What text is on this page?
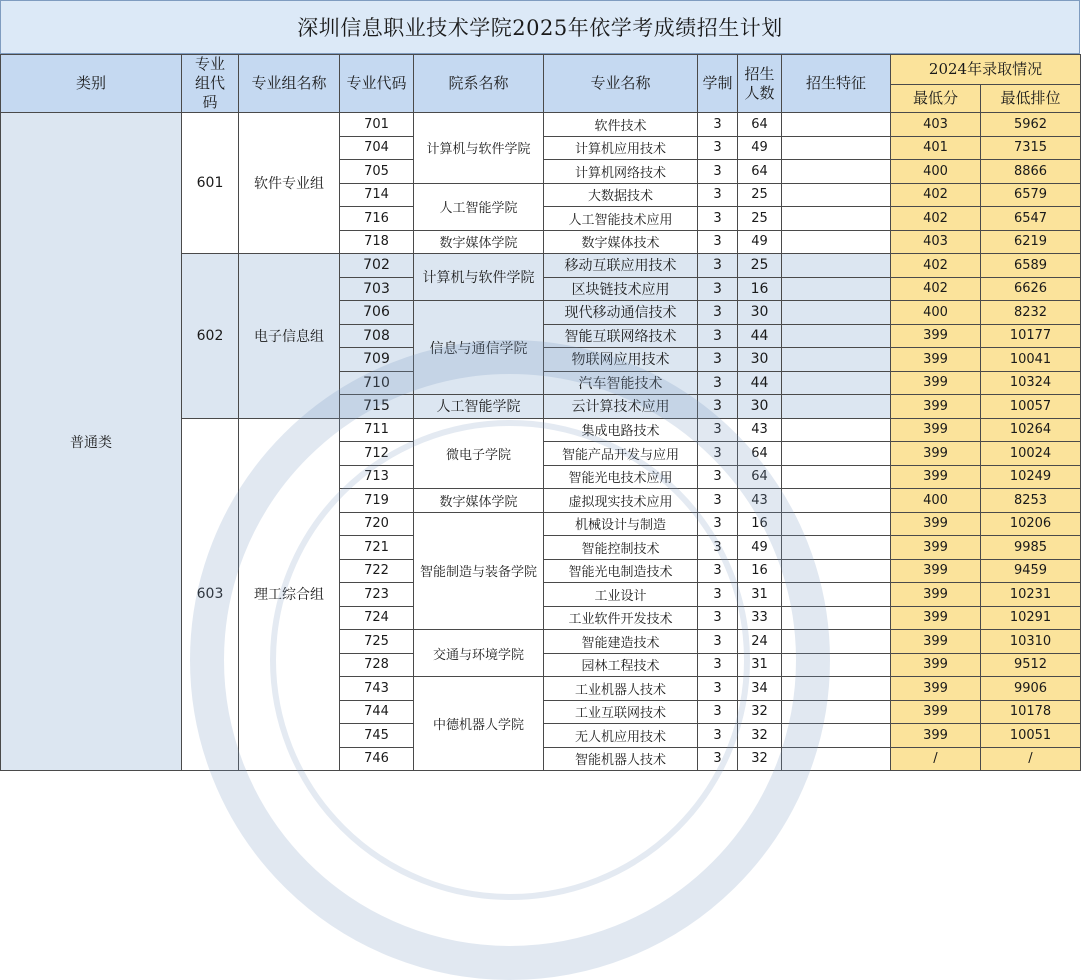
深圳信息职业技术学院2025年依学考成绩招生计划
类别	专业组代码	专业组名称	专业代码	院系名称	专业名称	学制	招生人数	招生特征	2024年录取情况	
									最低分	最低排位
普通类	601	软件专业组	701	计算机与软件学院	软件技术	3	64		403	5962
			704		计算机应用技术	3	49		401	7315
			705		计算机网络技术	3	64		400	8866
			714	人工智能学院	大数据技术	3	25		402	6579
			716		人工智能技术应用	3	25		402	6547
			718	数字媒体学院	数字媒体技术	3	49		403	6219
	602	电子信息组	702	计算机与软件学院	移动互联应用技术	3	25		402	6589
			703		区块链技术应用	3	16		402	6626
			706	信息与通信学院	现代移动通信技术	3	30		400	8232
			708		智能互联网络技术	3	44		399	10177
			709		物联网应用技术	3	30		399	10041
			710		汽车智能技术	3	44		399	10324
			715	人工智能学院	云计算技术应用	3	30		399	10057
	603	理工综合组	711	微电子学院	集成电路技术	3	43		399	10264
			712		智能产品开发与应用	3	64		399	10024
			713		智能光电技术应用	3	64		399	10249
			719	数字媒体学院	虚拟现实技术应用	3	43		400	8253
			720	智能制造与装备学院	机械设计与制造	3	16		399	10206
			721		智能控制技术	3	49		399	9985
			722		智能光电制造技术	3	16		399	9459
			723		工业设计	3	31		399	10231
			724		工业软件开发技术	3	33		399	10291
			725	交通与环境学院	智能建造技术	3	24		399	10310
			728		园林工程技术	3	31		399	9512
			743	中德机器人学院	工业机器人技术	3	34		399	9906
			744		工业互联网技术	3	32		399	10178
			745		无人机应用技术	3	32		399	10051
			746		智能机器人技术	3	32		/	/
